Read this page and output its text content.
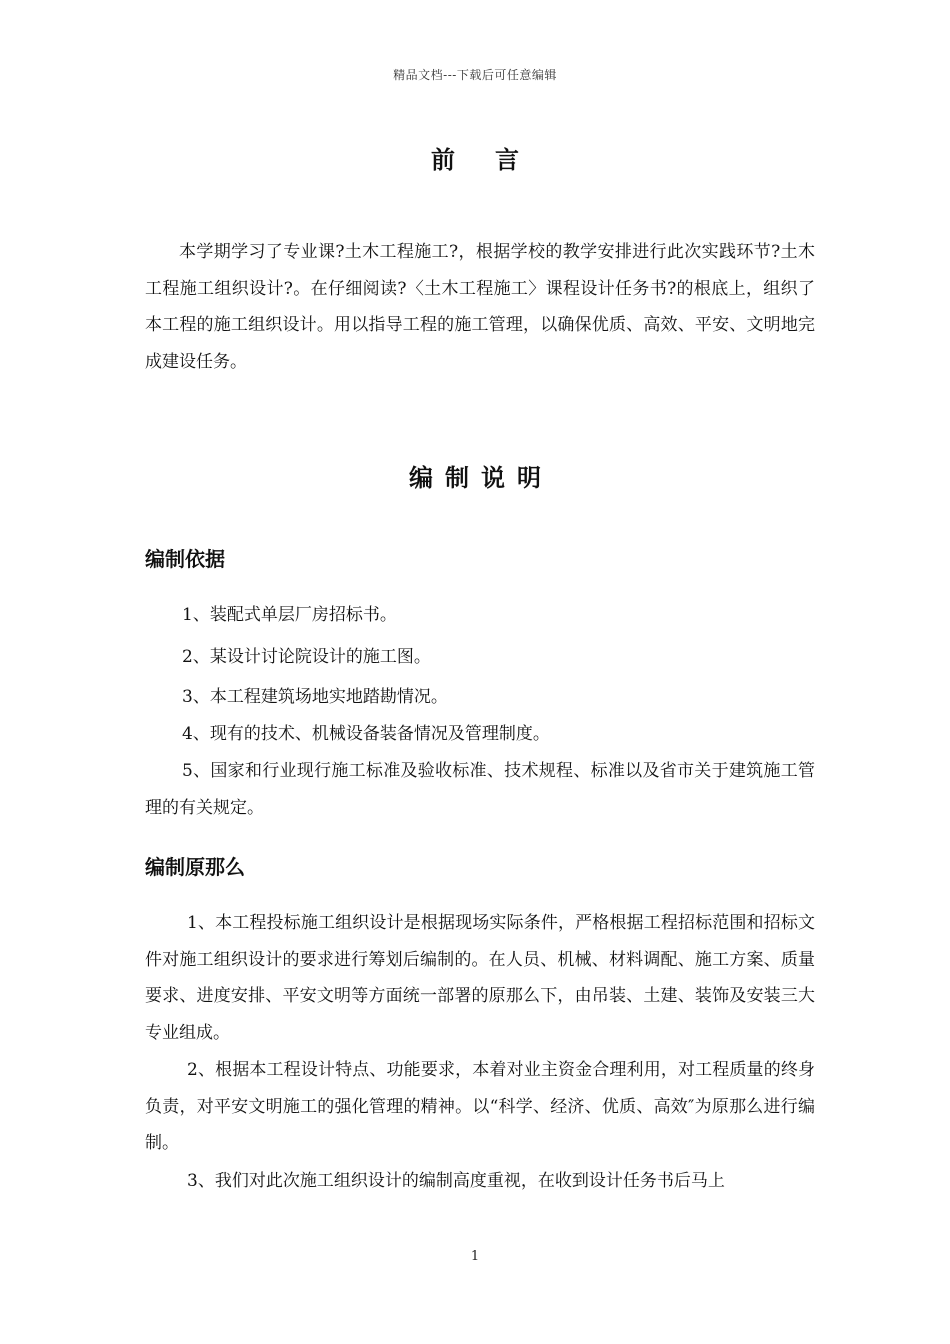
精品文档---下载后可任意编辑
前言

本学期学习了专业课?土木工程施工?，根据学校的教学安排进行此次实践环节?土木工程施工组织设计?。在仔细阅读?〈土木工程施工〉课程设计任务书?的根底上，组织了本工程的施工组织设计。用以指导工程的施工管理，以确保优质、高效、平安、文明地完成建设任务。

编制说明
编制依据

1、装配式单层厂房招标书。

2、某设计讨论院设计的施工图。

3、本工程建筑场地实地踏勘情况。

4、现有的技术、机械设备装备情况及管理制度。

5、国家和行业现行施工标准及验收标准、技术规程、标准以及省市关于建筑施工管理的有关规定。

编制原那么

1、本工程投标施工组织设计是根据现场实际条件，严格根据工程招标范围和招标文件对施工组织设计的要求进行筹划后编制的。在人员、机械、材料调配、施工方案、质量要求、进度安排、平安文明等方面统一部署的原那么下，由吊装、土建、装饰及安装三大专业组成。

2、根据本工程设计特点、功能要求，本着对业主资金合理利用，对工程质量的终身负责，对平安文明施工的强化管理的精神。以“科学、经济、优质、高效″为原那么进行编制。

3、我们对此次施工组织设计的编制高度重视，在收到设计任务书后马上

1
